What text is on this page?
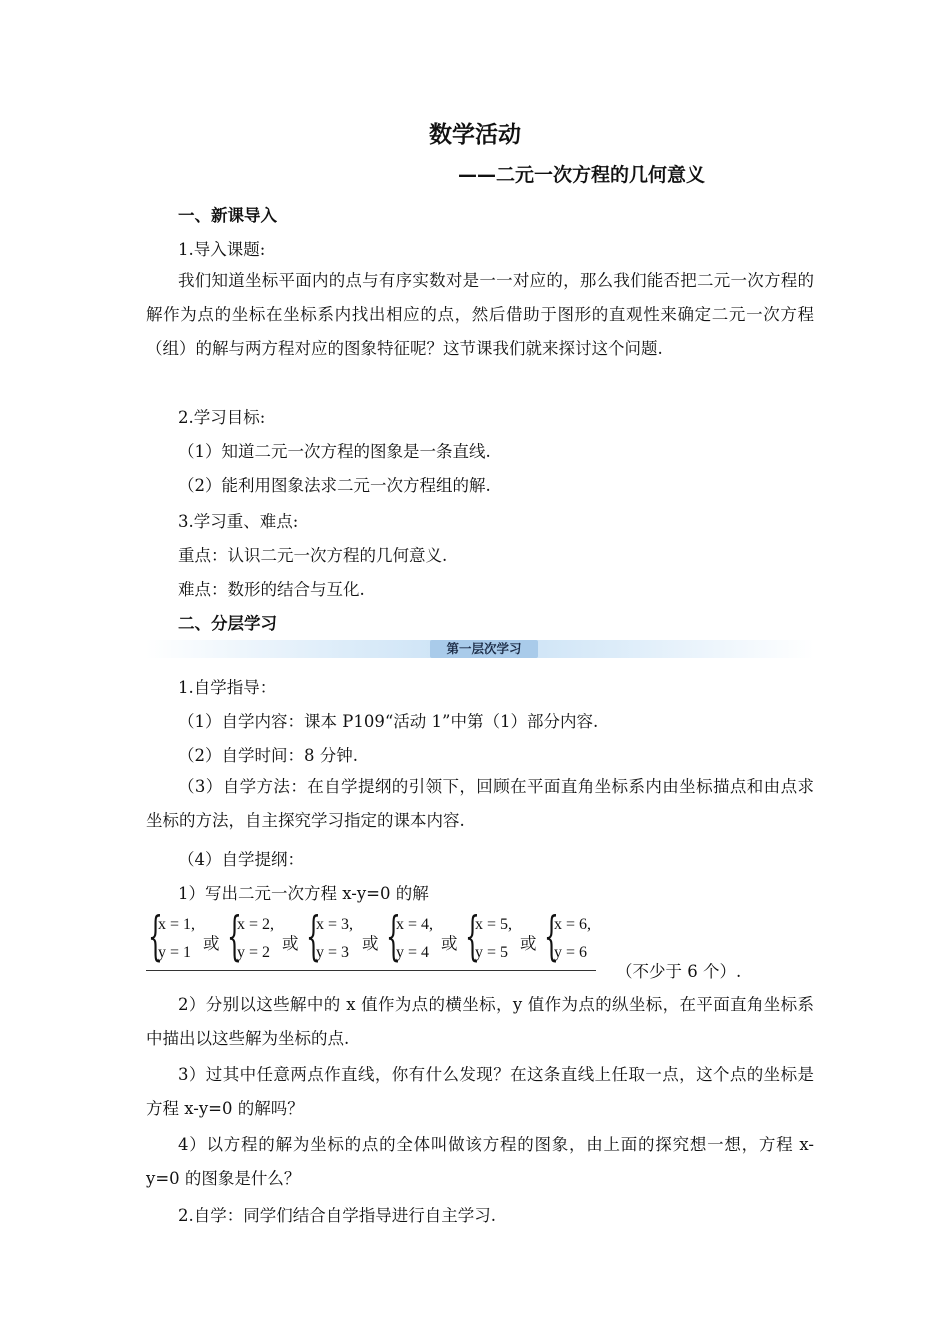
数学活动
——二元一次方程的几何意义
一、新课导入
1.导入课题:
我们知道坐标平面内的点与有序实数对是一一对应的，那么我们能否把二元一次方程的解作为点的坐标在坐标系内找出相应的点，然后借助于图形的直观性来确定二元一次方程（组）的解与两方程对应的图象特征呢？这节课我们就来探讨这个问题.
2.学习目标:
（1）知道二元一次方程的图象是一条直线.
（2）能利用图象法求二元一次方程组的解.
3.学习重、难点:
重点：认识二元一次方程的几何意义.
难点：数形的结合与互化.
二、分层学习
第一层次学习
1.自学指导：
（1）自学内容：课本 P109“活动 1”中第（1）部分内容.
（2）自学时间：8 分钟.
（3）自学方法：在自学提纲的引领下，回顾在平面直角坐标系内由坐标描点和由点求坐标的方法，自主探究学习指定的课本内容.
（4）自学提纲：
1）写出二元一次方程 x-y=0 的解
{
x = 1,
y = 1 或 {
x = 2,
y = 2 或 {
x = 3,
y = 3 或 {
x = 4,
y = 4 或 {
x = 5,
y = 5 或 {
x = 6,
y = 6
（不少于 6 个）.
2）分别以这些解中的 x 值作为点的横坐标，y 值作为点的纵坐标，在平面直角坐标系中描出以这些解为坐标的点.
3）过其中任意两点作直线，你有什么发现？在这条直线上任取一点，这个点的坐标是方程 x-y=0 的解吗？
4）以方程的解为坐标的点的全体叫做该方程的图象，由上面的探究想一想，方程 x-y=0 的图象是什么？
2.自学：同学们结合自学指导进行自主学习.
